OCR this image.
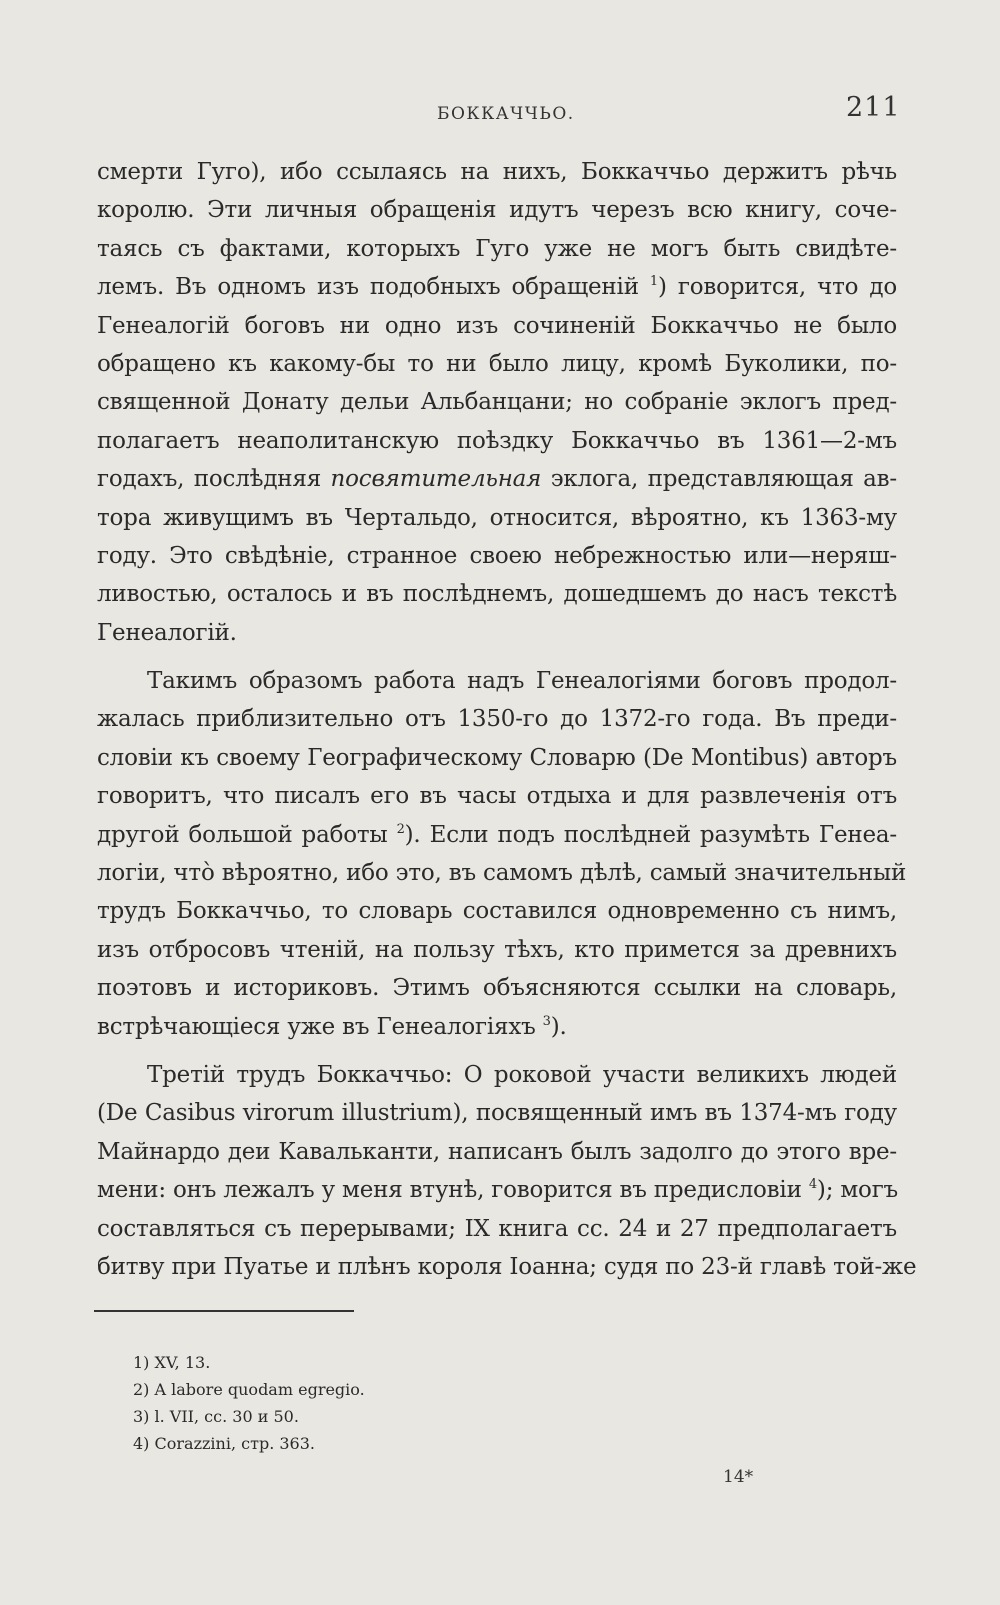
БОККАЧЧЬО.	211
смерти Гуго), ибо ссылаясь на нихъ, Боккаччьо держитъ рѣчь
королю. Эти личныя обращенія идутъ черезъ всю книгу, соче-
таясь съ фактами, которыхъ Гуго уже не могъ быть свидѣте-
лемъ. Въ одномъ изъ подобныхъ обращеній $^1$) говорится, что до
Генеалогій боговъ ни одно изъ сочиненій Боккаччьо не было
обращено къ какому-бы то ни было лицу, кромѣ Буколики, по-
священной Донату дельи Альбанцани; но собраніе эклогъ пред-
полагаетъ неаполитанскую поѣздку Боккаччьо въ 1361—2-мъ
годахъ, послѣдняя посвятительная эклога, представляющая ав-
тора живущимъ въ Чертальдо, относится, вѣроятно, къ 1363-му
году. Это свѣдѣніе, странное своею небрежностью или—неряш-
ливостью, осталось и въ послѣднемъ, дошедшемъ до насъ текстѣ
Генеалогій.
Такимъ образомъ работа надъ Генеалогіями боговъ продол-
жалась приблизительно отъ 1350-го до 1372-го года. Въ преди-
словіи къ своему Географическому Словарю (De Montibus) авторъ
говоритъ, что писалъ его въ часы отдыха и для развлеченія отъ
другой большой работы $^2$). Если подъ послѣдней разумѣть Генеа-
логіи, что̀ вѣроятно, ибо это, въ самомъ дѣлѣ, самый значительный
трудъ Боккаччьо, то словарь составился одновременно съ нимъ,
изъ отбросовъ чтеній, на пользу тѣхъ, кто примется за древнихъ
поэтовъ и историковъ. Этимъ объясняются ссылки на словарь,
встрѣчающіеся уже въ Генеалогіяхъ $^3$).
Третій трудъ Боккаччьо: О роковой участи великихъ людей
(De Casibus virorum illustrium), посвященный имъ въ 1374-мъ году
Майнардо деи Кавальканти, написанъ былъ задолго до этого вре-
мени: онъ лежалъ у меня втунѣ, говорится въ предисловіи $^4$); могъ
составляться съ перерывами; IX книга сс. 24 и 27 предполагаетъ
битву при Пуатье и плѣнъ короля Іоанна; судя по 23-й главѣ той-же
1) XV, 13.
2) A labore quodam egregio.
3) l. VII, сс. 30 и 50.
4) Corazzini, стр. 363.
14*
